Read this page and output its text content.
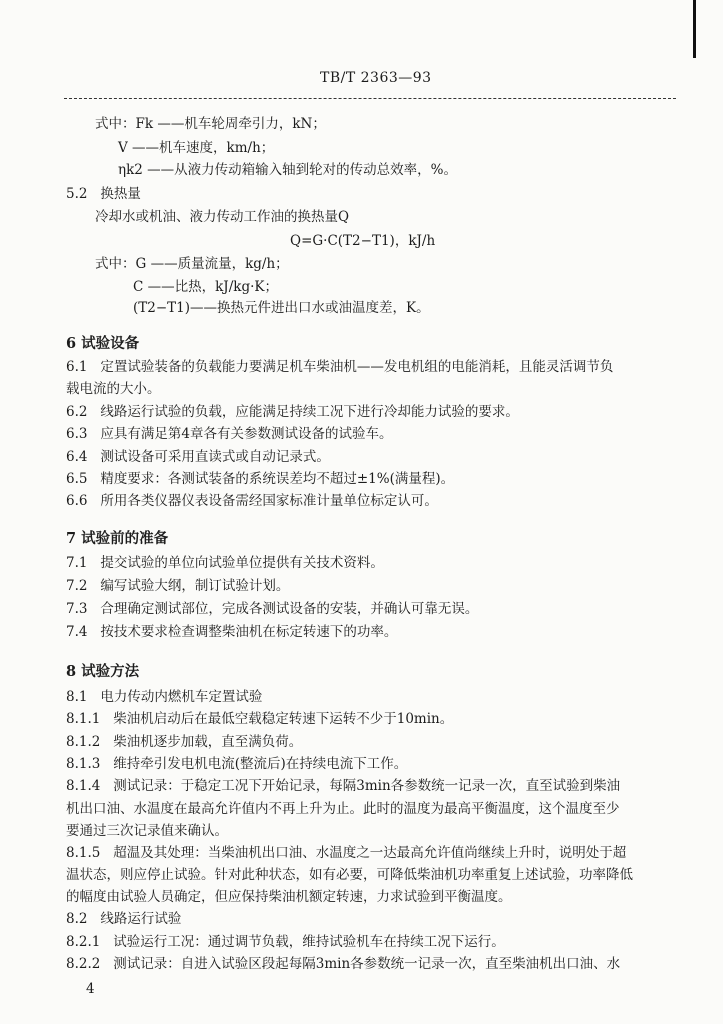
TB/T 2363—93
式中：Fk ——机车轮周牵引力，kN；
V ——机车速度，km/h；
ηk2 ——从液力传动箱输入轴到轮对的传动总效率，%。
5.2 换热量
冷却水或机油、液力传动工作油的换热量Q
Q=G·C(T2−T1)，kJ/h
式中：G ——质量流量，kg/h；
C ——比热，kJ/kg·K；
(T2−T1)——换热元件进出口水或油温度差，K。
6 试验设备
6.1 定置试验装备的负载能力要满足机车柴油机——发电机组的电能消耗，且能灵活调节负
载电流的大小。
6.2 线路运行试验的负载，应能满足持续工况下进行冷却能力试验的要求。
6.3 应具有满足第4章各有关参数测试设备的试验车。
6.4 测试设备可采用直读式或自动记录式。
6.5 精度要求：各测试装备的系统误差均不超过±1%(满量程)。
6.6 所用各类仪器仪表设备需经国家标准计量单位标定认可。
7 试验前的准备
7.1 提交试验的单位向试验单位提供有关技术资料。
7.2 编写试验大纲，制订试验计划。
7.3 合理确定测试部位，完成各测试设备的安装，并确认可靠无误。
7.4 按技术要求检查调整柴油机在标定转速下的功率。
8 试验方法
8.1 电力传动内燃机车定置试验
8.1.1 柴油机启动后在最低空载稳定转速下运转不少于10min。
8.1.2 柴油机逐步加载，直至满负荷。
8.1.3 维持牵引发电机电流(整流后)在持续电流下工作。
8.1.4 测试记录：于稳定工况下开始记录，每隔3min各参数统一记录一次，直至试验到柴油
机出口油、水温度在最高允许值内不再上升为止。此时的温度为最高平衡温度，这个温度至少
要通过三次记录值来确认。
8.1.5 超温及其处理：当柴油机出口油、水温度之一达最高允许值尚继续上升时，说明处于超
温状态，则应停止试验。针对此种状态，如有必要，可降低柴油机功率重复上述试验，功率降低
的幅度由试验人员确定，但应保持柴油机额定转速，力求试验到平衡温度。
8.2 线路运行试验
8.2.1 试验运行工况：通过调节负载，维持试验机车在持续工况下运行。
8.2.2 测试记录：自进入试验区段起每隔3min各参数统一记录一次，直至柴油机出口油、水
4
